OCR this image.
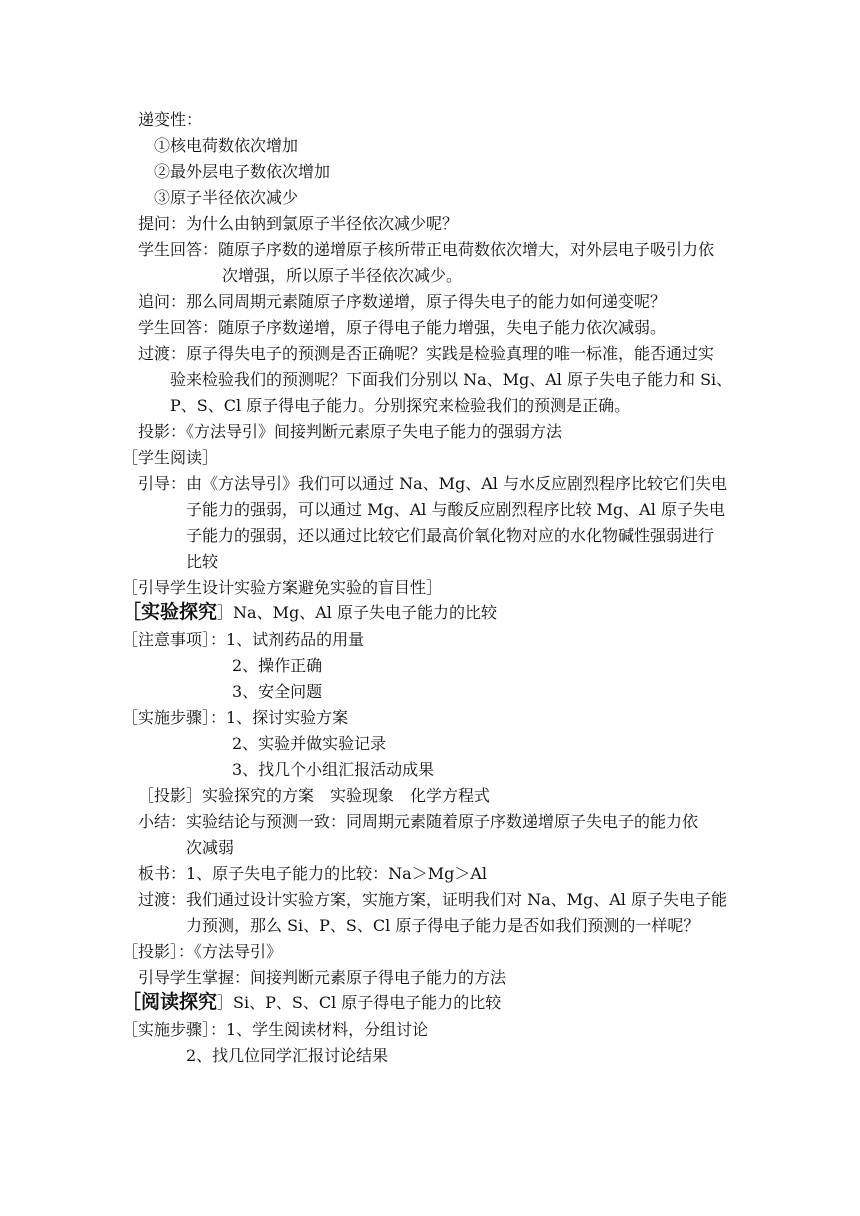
递变性：
①核电荷数依次增加
②最外层电子数依次增加
③原子半径依次减少
提问：为什么由钠到氯原子半径依次减少呢？
学生回答：随原子序数的递增原子核所带正电荷数依次增大，对外层电子吸引力依
次增强，所以原子半径依次减少。
追问：那么同周期元素随原子序数递增，原子得失电子的能力如何递变呢？
学生回答：随原子序数递增，原子得电子能力增强，失电子能力依次减弱。
过渡：原子得失电子的预测是否正确呢？实践是检验真理的唯一标准，能否通过实
验来检验我们的预测呢？下面我们分别以 Na、Mg、Al 原子失电子能力和 Si、
P、S、Cl 原子得电子能力。分别探究来检验我们的预测是正确。
投影：《方法导引》间接判断元素原子失电子能力的强弱方法
［学生阅读］
引导：由《方法导引》我们可以通过 Na、Mg、Al 与水反应剧烈程序比较它们失电
子能力的强弱，可以通过 Mg、Al 与酸反应剧烈程序比较 Mg、Al 原子失电
子能力的强弱，还以通过比较它们最高价氧化物对应的水化物碱性强弱进行
比较
［引导学生设计实验方案避免实验的盲目性］
［实验探究］Na、Mg、Al 原子失电子能力的比较
［注意事项］：1、试剂药品的用量
2、操作正确
3、安全问题
［实施步骤］：1、探讨实验方案
2、实验并做实验记录
3、找几个小组汇报活动成果
［投影］实验探究的方案　实验现象　化学方程式
小结：实验结论与预测一致：同周期元素随着原子序数递增原子失电子的能力依
次减弱
板书：1、原子失电子能力的比较：Na＞Mg＞Al
过渡：我们通过设计实验方案，实施方案，证明我们对 Na、Mg、Al 原子失电子能
力预测，那么 Si、P、S、Cl 原子得电子能力是否如我们预测的一样呢？
［投影］：《方法导引》
引导学生掌握：间接判断元素原子得电子能力的方法
［阅读探究］Si、P、S、Cl 原子得电子能力的比较
［实施步骤］：1、学生阅读材料，分组讨论
2、找几位同学汇报讨论结果
